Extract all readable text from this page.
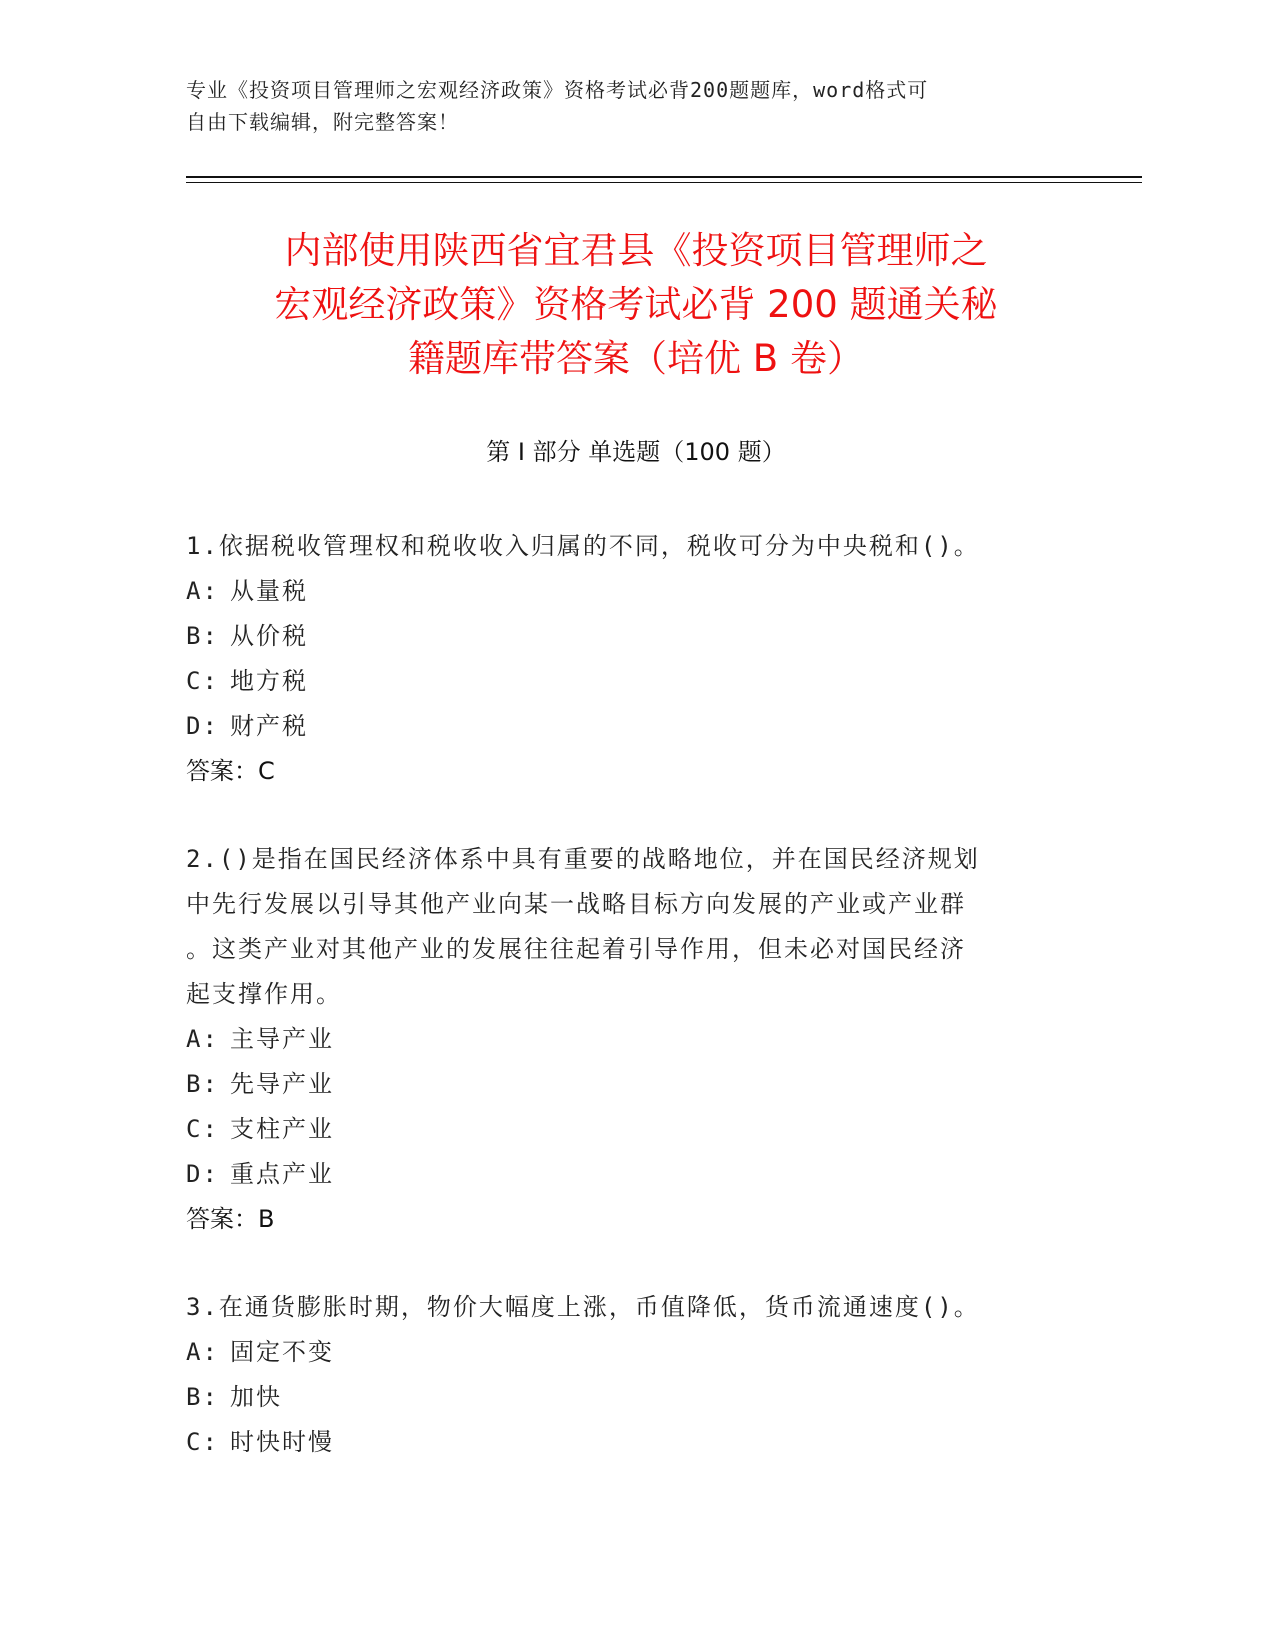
专业《投资项目管理师之宏观经济政策》资格考试必背200题题库，word格式可
自由下载编辑，附完整答案！
内部使用陕西省宜君县《投资项目管理师之
宏观经济政策》资格考试必背 200 题通关秘
籍题库带答案（培优 B 卷）
第 I 部分 单选题（100 题）

1.依据税收管理权和税收收入归属的不同，税收可分为中央税和()。

A: 从量税

B: 从价税

C: 地方税

D: 财产税

答案：C

2.()是指在国民经济体系中具有重要的战略地位，并在国民经济规划

中先行发展以引导其他产业向某一战略目标方向发展的产业或产业群

。这类产业对其他产业的发展往往起着引导作用，但未必对国民经济

起支撑作用。

A: 主导产业

B: 先导产业

C: 支柱产业

D: 重点产业

答案：B

3.在通货膨胀时期，物价大幅度上涨，币值降低，货币流通速度()。

A: 固定不变

B: 加快

C: 时快时慢
